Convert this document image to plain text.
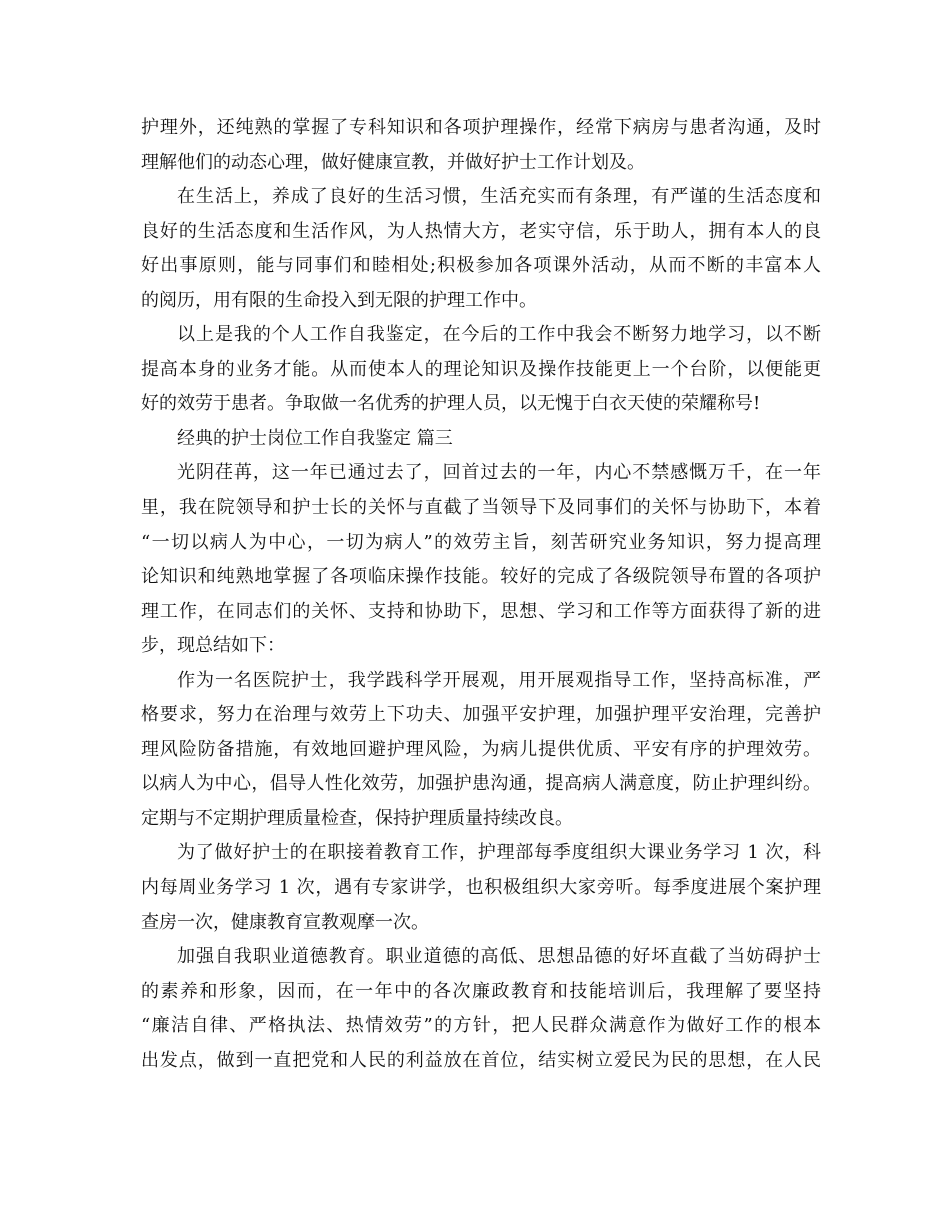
护理外，还纯熟的掌握了专科知识和各项护理操作，经常下病房与患者沟通，及时
理解他们的动态心理，做好健康宣教，并做好护士工作计划及。
在生活上，养成了良好的生活习惯，生活充实而有条理，有严谨的生活态度和
良好的生活态度和生活作风，为人热情大方，老实守信，乐于助人，拥有本人的良
好出事原则，能与同事们和睦相处;积极参加各项课外活动，从而不断的丰富本人
的阅历，用有限的生命投入到无限的护理工作中。
以上是我的个人工作自我鉴定，在今后的工作中我会不断努力地学习，以不断
提高本身的业务才能。从而使本人的理论知识及操作技能更上一个台阶，以便能更
好的效劳于患者。争取做一名优秀的护理人员，以无愧于白衣天使的荣耀称号!
经典的护士岗位工作自我鉴定 篇三
光阴荏苒，这一年已通过去了，回首过去的一年，内心不禁感慨万千，在一年
里，我在院领导和护士长的关怀与直截了当领导下及同事们的关怀与协助下，本着
“一切以病人为中心，一切为病人”的效劳主旨，刻苦研究业务知识，努力提高理
论知识和纯熟地掌握了各项临床操作技能。较好的完成了各级院领导布置的各项护
理工作，在同志们的关怀、支持和协助下，思想、学习和工作等方面获得了新的进
步，现总结如下：
作为一名医院护士，我学践科学开展观，用开展观指导工作，坚持高标准，严
格要求，努力在治理与效劳上下功夫、加强平安护理，加强护理平安治理，完善护
理风险防备措施，有效地回避护理风险，为病儿提供优质、平安有序的护理效劳。
以病人为中心，倡导人性化效劳，加强护患沟通，提高病人满意度，防止护理纠纷。
定期与不定期护理质量检查，保持护理质量持续改良。
为了做好护士的在职接着教育工作，护理部每季度组织大课业务学习 1 次，科
内每周业务学习 1 次，遇有专家讲学，也积极组织大家旁听。每季度进展个案护理
查房一次，健康教育宣教观摩一次。
加强自我职业道德教育。职业道德的高低、思想品德的好坏直截了当妨碍护士
的素养和形象，因而，在一年中的各次廉政教育和技能培训后，我理解了要坚持
“廉洁自律、严格执法、热情效劳”的方针，把人民群众满意作为做好工作的根本
出发点，做到一直把党和人民的利益放在首位，结实树立爱民为民的思想，在人民
